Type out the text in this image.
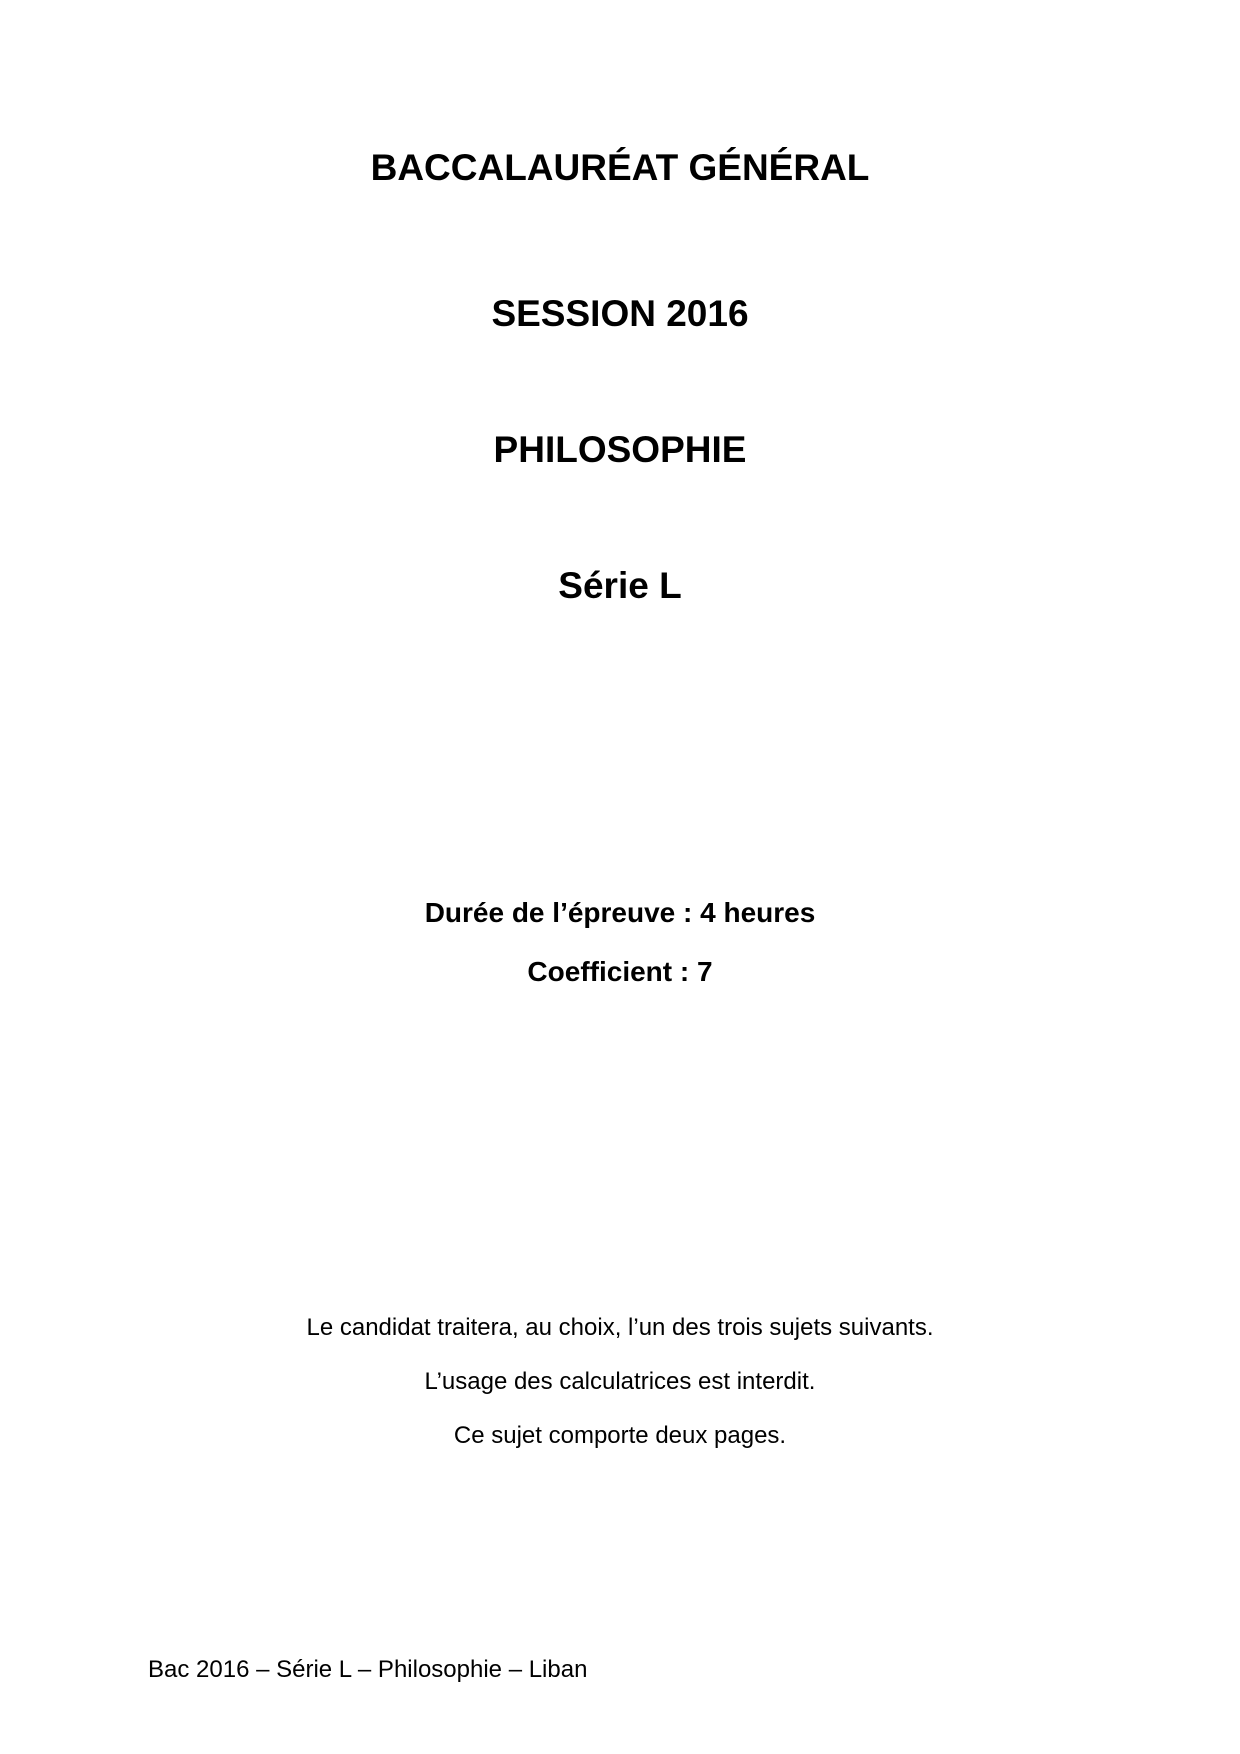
BACCALAURÉAT GÉNÉRAL
SESSION 2016
PHILOSOPHIE
Série L
Durée de l’épreuve : 4 heures
Coefficient : 7
Le candidat traitera, au choix, l’un des trois sujets suivants.
L’usage des calculatrices est interdit.
Ce sujet comporte deux pages.
Bac 2016 – Série L – Philosophie – Liban
